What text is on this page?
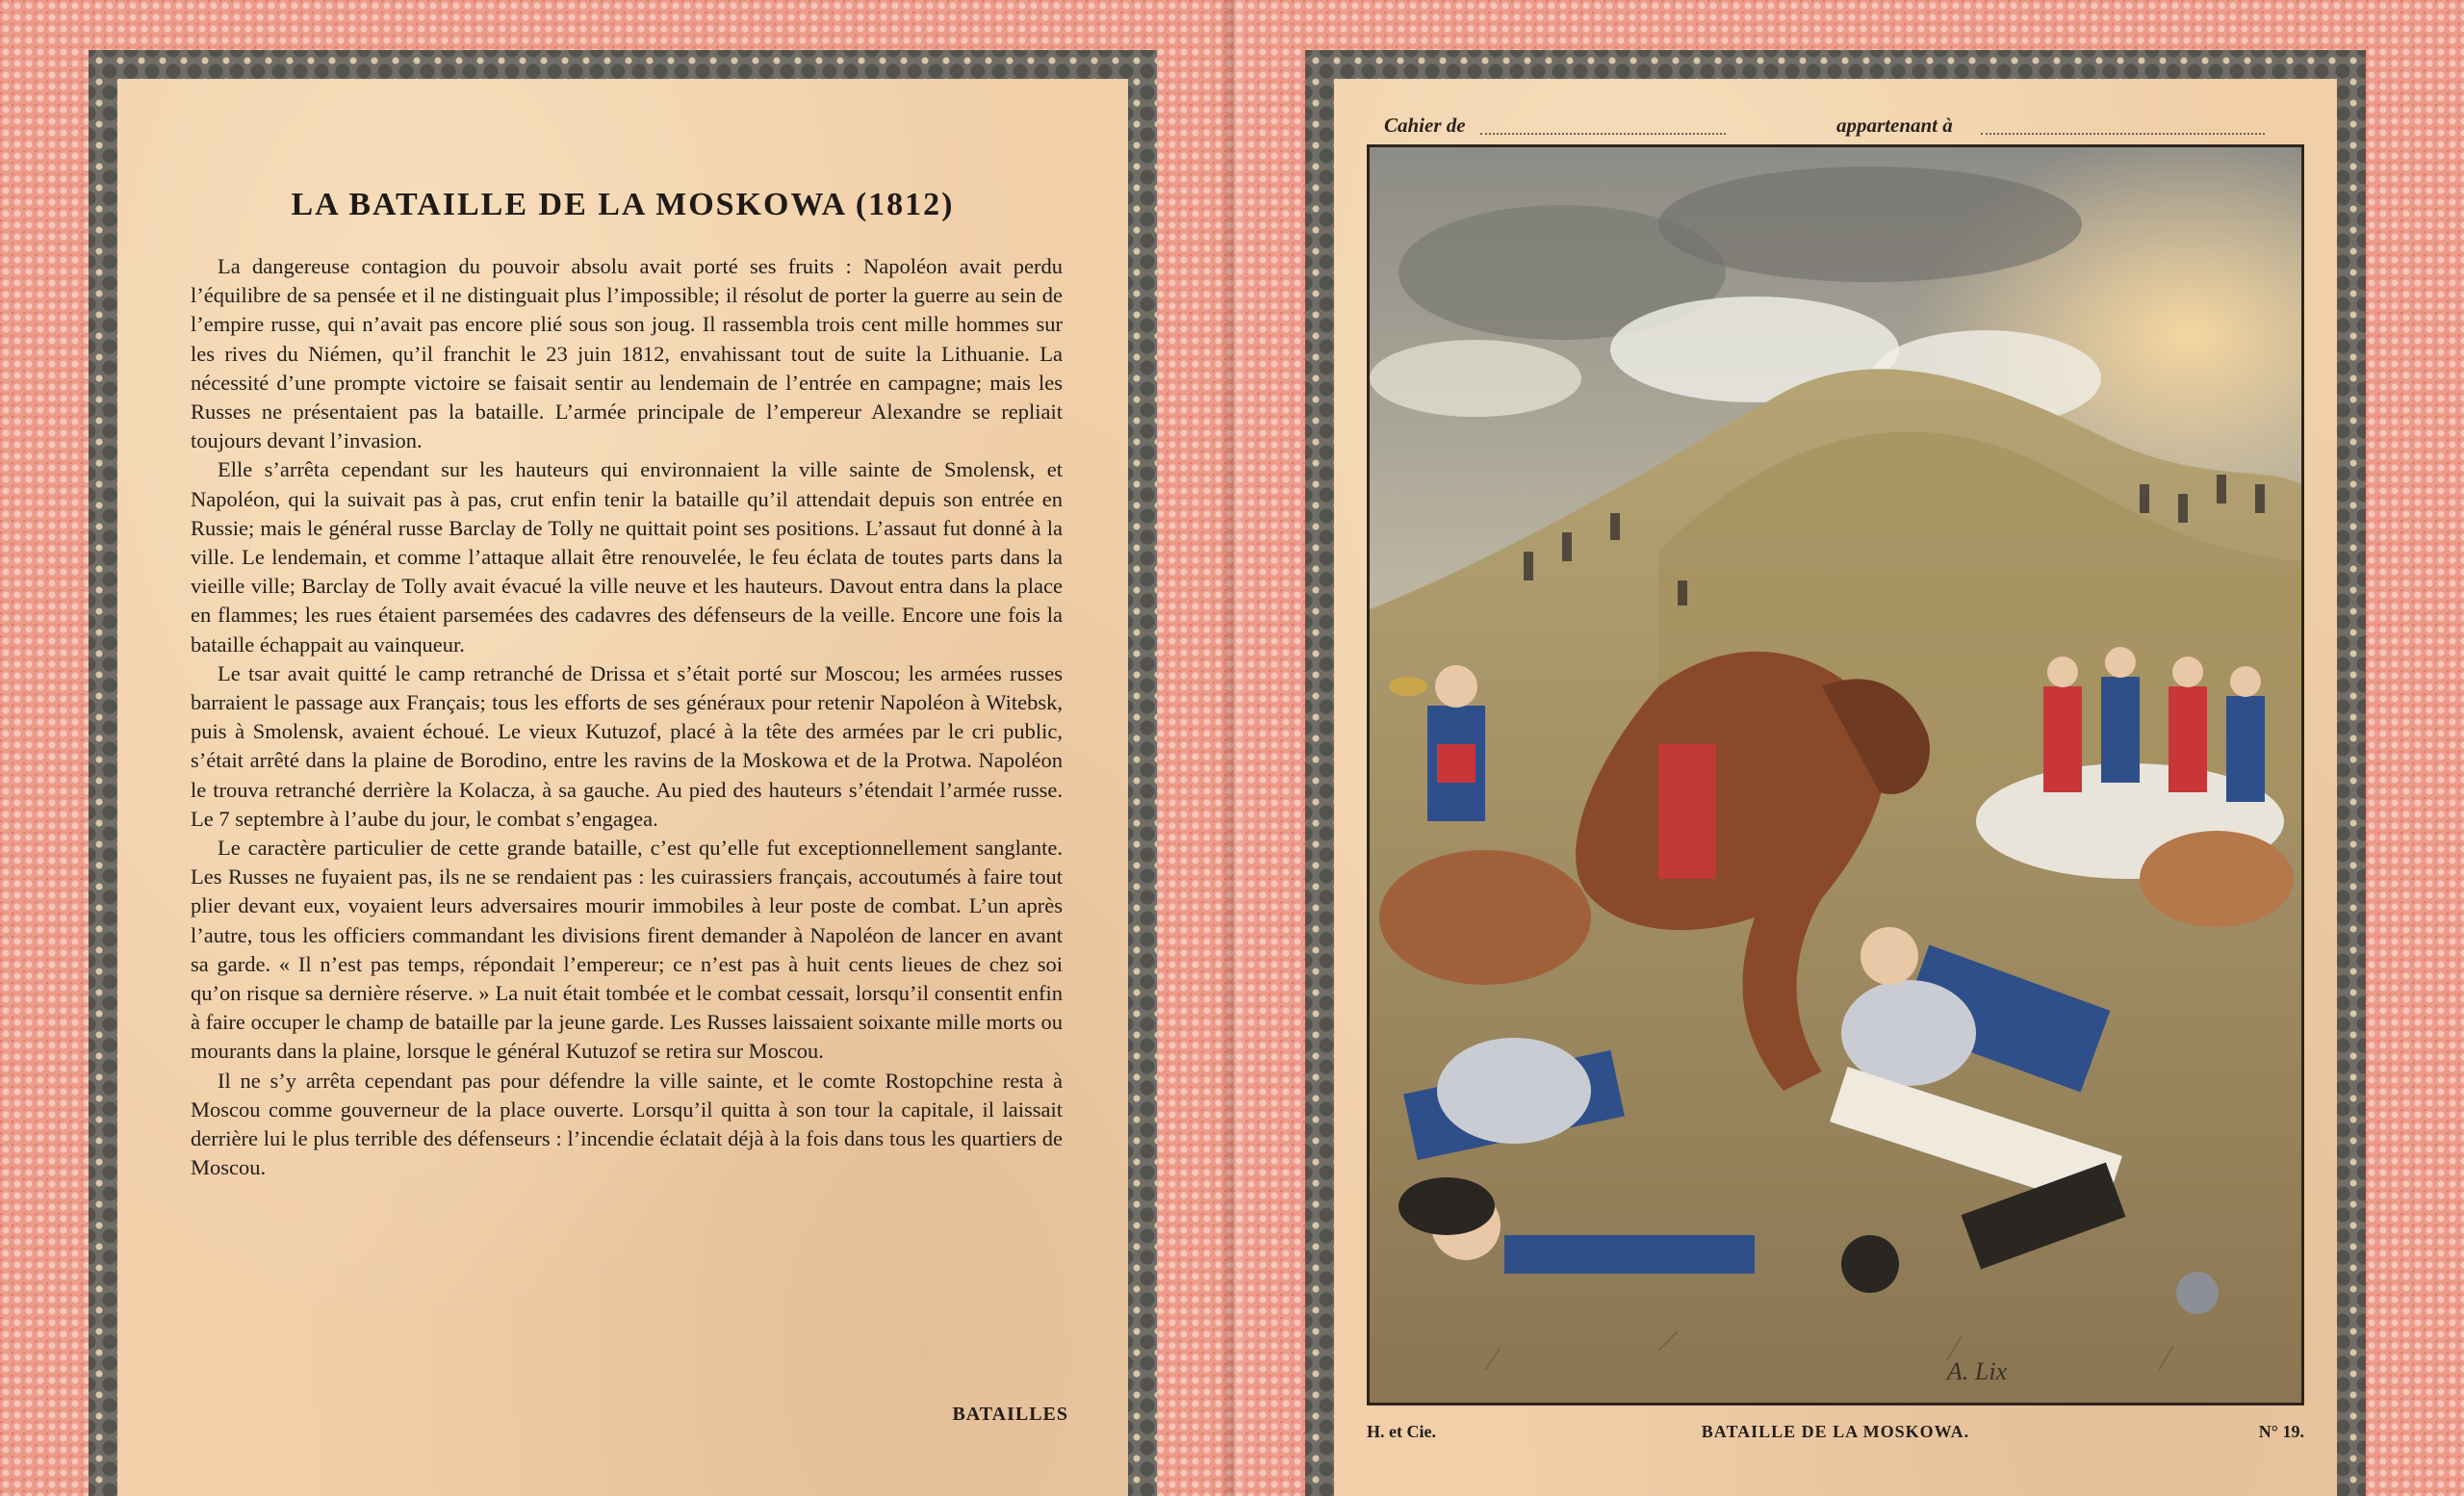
LA BATAILLE DE LA MOSKOWA (1812)

La dangereuse contagion du pouvoir absolu avait porté ses fruits : Napoléon avait perdu l’équilibre de sa pensée et il ne distinguait plus l’impossible; il résolut de porter la guerre au sein de l’empire russe, qui n’avait pas encore plié sous son joug. Il rassembla trois cent mille hommes sur les rives du Niémen, qu’il franchit le 23 juin 1812, envahissant tout de suite la Lithuanie. La nécessité d’une prompte victoire se faisait sentir au lendemain de l’entrée en campagne; mais les Russes ne présentaient pas la bataille. L’armée principale de l’empereur Alexandre se repliait toujours devant l’invasion.

Elle s’arrêta cependant sur les hauteurs qui environnaient la ville sainte de Smolensk, et Napoléon, qui la suivait pas à pas, crut enfin tenir la bataille qu’il attendait depuis son entrée en Russie; mais le général russe Barclay de Tolly ne quittait point ses positions. L’assaut fut donné à la ville. Le lendemain, et comme l’attaque allait être renouvelée, le feu éclata de toutes parts dans la vieille ville; Barclay de Tolly avait évacué la ville neuve et les hauteurs. Davout entra dans la place en flammes; les rues étaient parsemées des cadavres des défenseurs de la veille. Encore une fois la bataille échappait au vainqueur.

Le tsar avait quitté le camp retranché de Drissa et s’était porté sur Moscou; les armées russes barraient le passage aux Français; tous les efforts de ses généraux pour retenir Napoléon à Witebsk, puis à Smolensk, avaient échoué. Le vieux Kutuzof, placé à la tête des armées par le cri public, s’était arrêté dans la plaine de Borodino, entre les ravins de la Moskowa et de la Protwa. Napoléon le trouva retranché derrière la Kolacza, à sa gauche. Au pied des hauteurs s’étendait l’armée russe. Le 7 septembre à l’aube du jour, le combat s’engagea.

Le caractère particulier de cette grande bataille, c’est qu’elle fut exceptionnellement sanglante. Les Russes ne fuyaient pas, ils ne se rendaient pas : les cuirassiers français, accoutumés à faire tout plier devant eux, voyaient leurs adversaires mourir immobiles à leur poste de combat. L’un après l’autre, tous les officiers commandant les divisions firent demander à Napoléon de lancer en avant sa garde. « Il n’est pas temps, répondait l’empereur; ce n’est pas à huit cents lieues de chez soi qu’on risque sa dernière réserve. » La nuit était tombée et le combat cessait, lorsqu’il consentit enfin à faire occuper le champ de bataille par la jeune garde. Les Russes laissaient soixante mille morts ou mourants dans la plaine, lorsque le général Kutuzof se retira sur Moscou.

Il ne s’y arrêta cependant pas pour défendre la ville sainte, et le comte Rostopchine resta à Moscou comme gouverneur de la place ouverte. Lorsqu’il quitta à son tour la capitale, il laissait derrière lui le plus terrible des défenseurs : l’incendie éclatait déjà à la fois dans tous les quartiers de Moscou.

BATAILLES
Cahier de	appartenant à
A. Lix
H. et Cie.	BATAILLE DE LA MOSKOWA.	N° 19.
